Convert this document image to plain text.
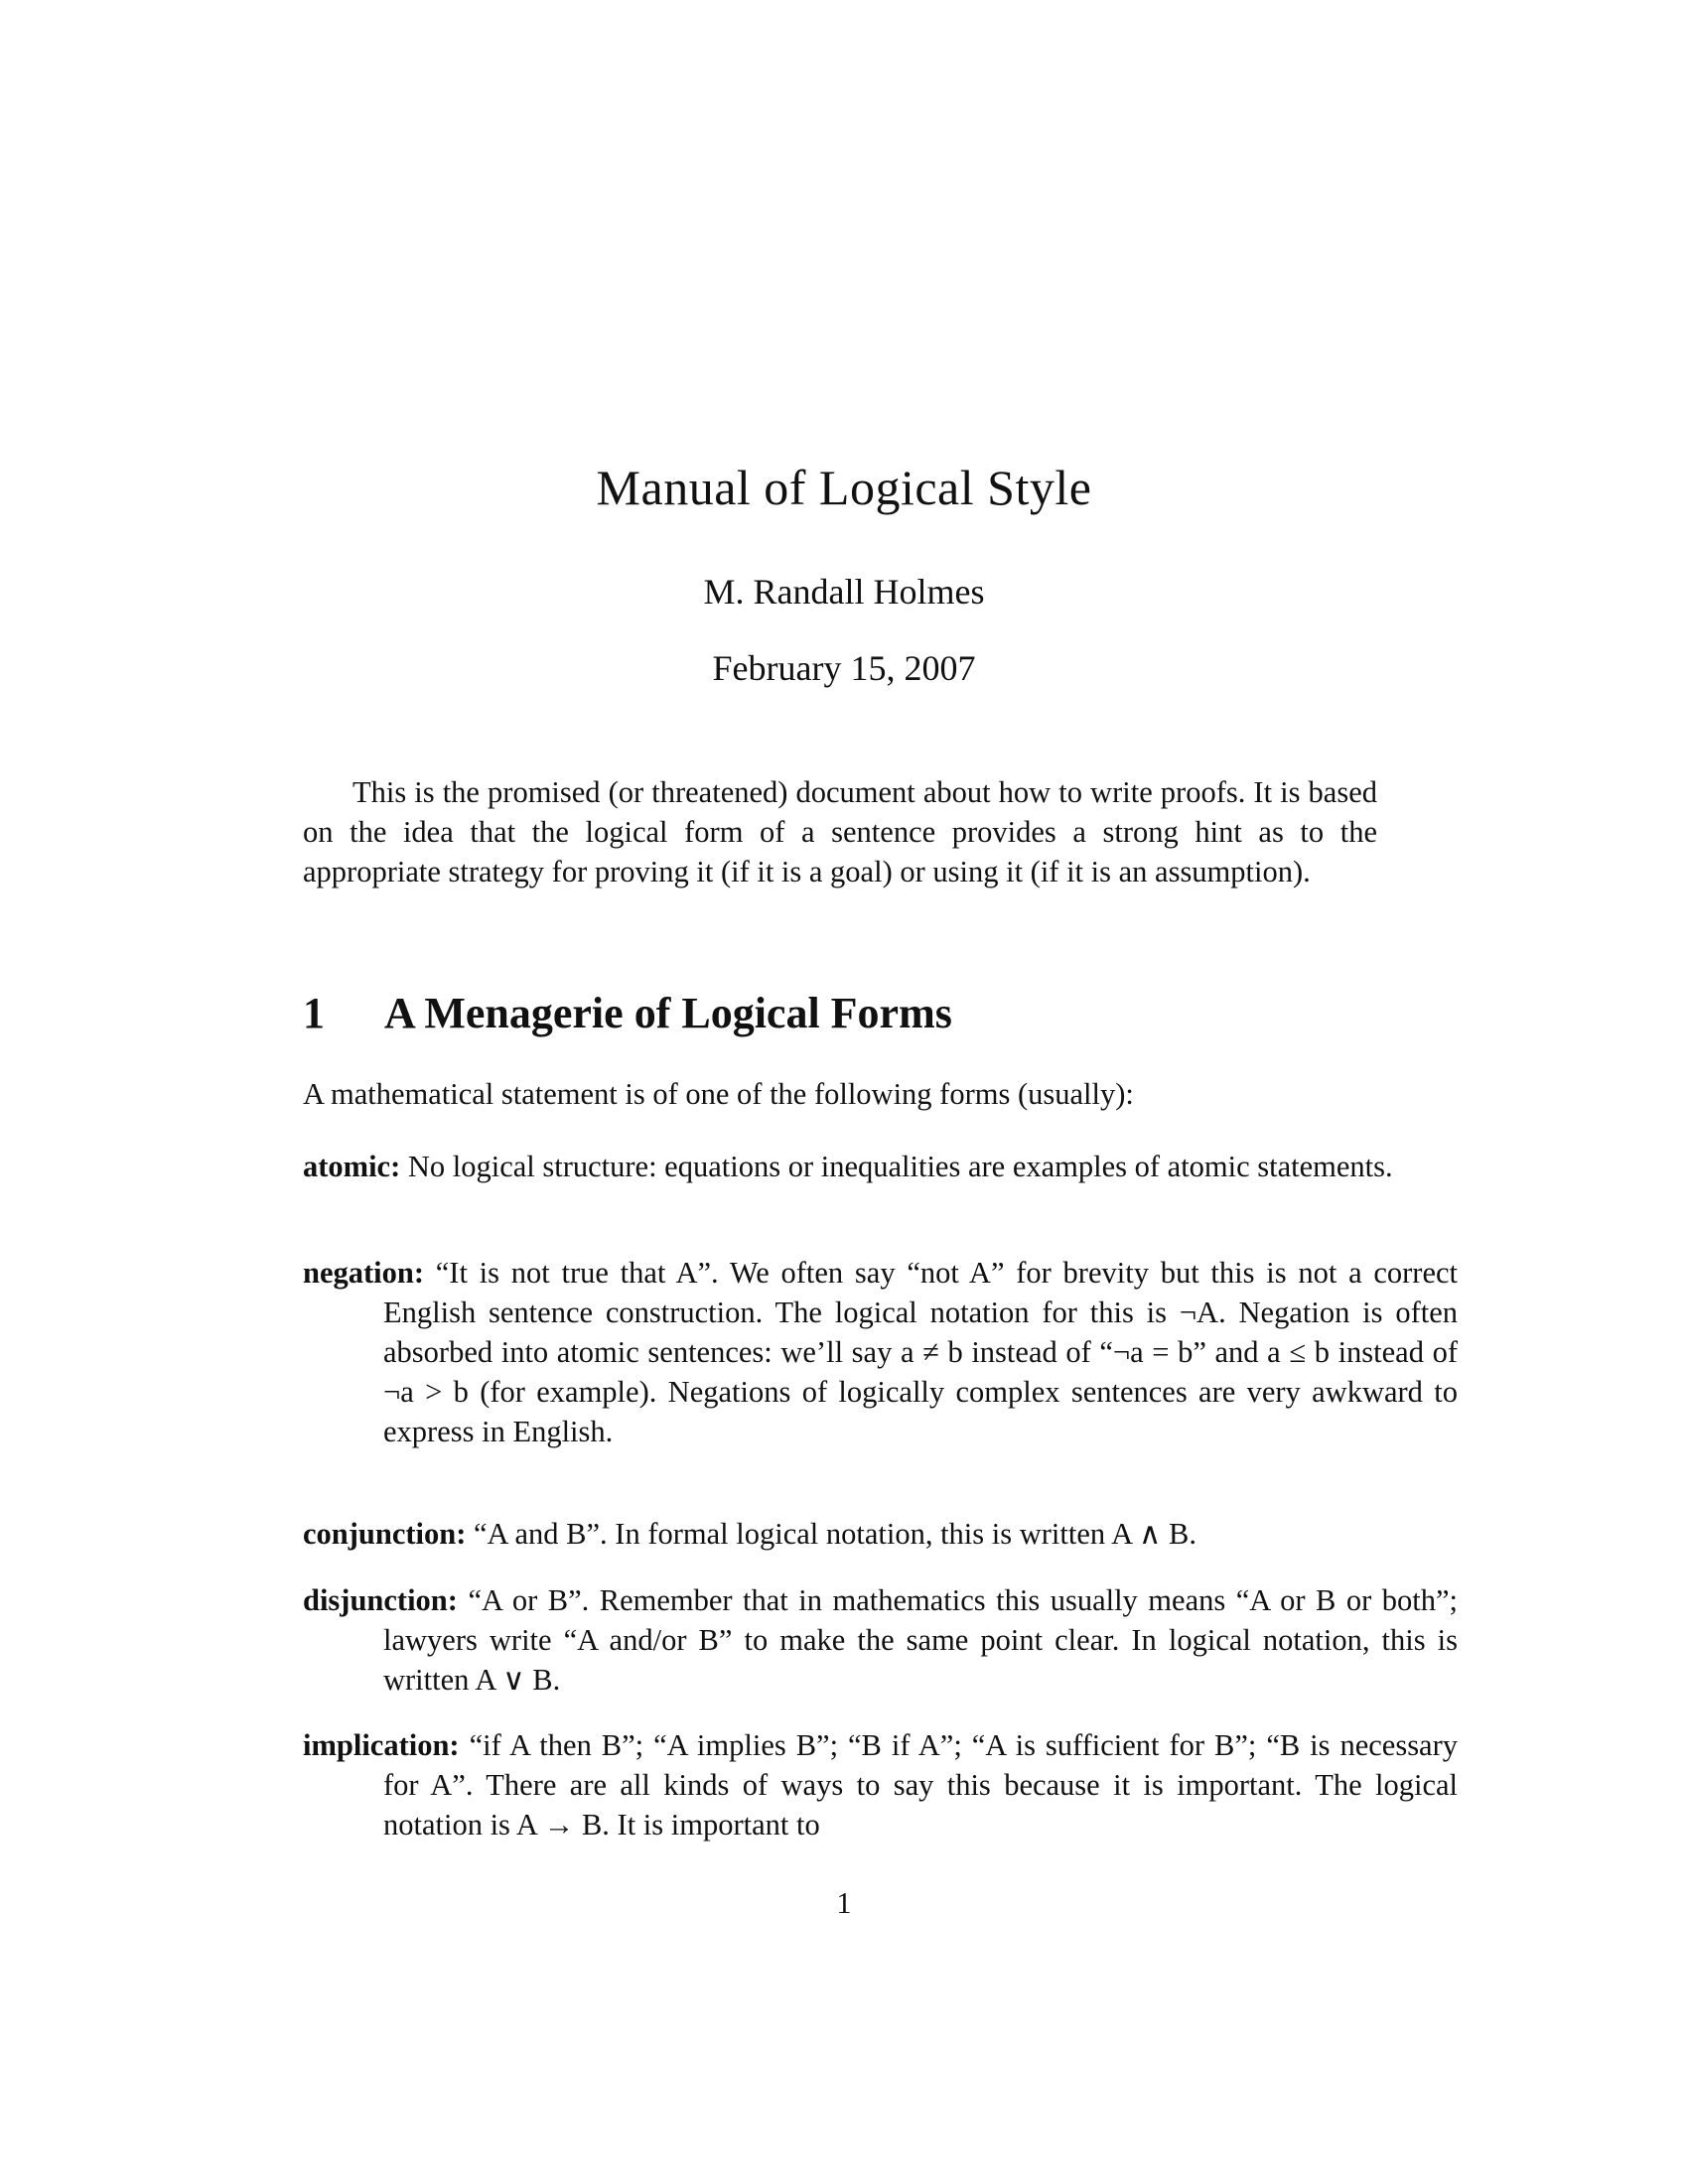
Manual of Logical Style
M. Randall Holmes
February 15, 2007
This is the promised (or threatened) document about how to write proofs. It is based on the idea that the logical form of a sentence provides a strong hint as to the appropriate strategy for proving it (if it is a goal) or using it (if it is an assumption).
1 A Menagerie of Logical Forms
A mathematical statement is of one of the following forms (usually):
atomic: No logical structure: equations or inequalities are examples of atomic statements.
negation: “It is not true that A”. We often say “not A” for brevity but this is not a correct English sentence construction. The logical notation for this is ¬A. Negation is often absorbed into atomic sentences: we’ll say a ≠ b instead of “¬a = b” and a ≤ b instead of ¬a > b (for example). Negations of logically complex sentences are very awkward to express in English.
conjunction: “A and B”. In formal logical notation, this is written A ∧ B.
disjunction: “A or B”. Remember that in mathematics this usually means “A or B or both”; lawyers write “A and/or B” to make the same point clear. In logical notation, this is written A ∨ B.
implication: “if A then B”; “A implies B”; “B if A”; “A is sufficient for B”; “B is necessary for A”. There are all kinds of ways to say this because it is important. The logical notation is A → B. It is important to
1
